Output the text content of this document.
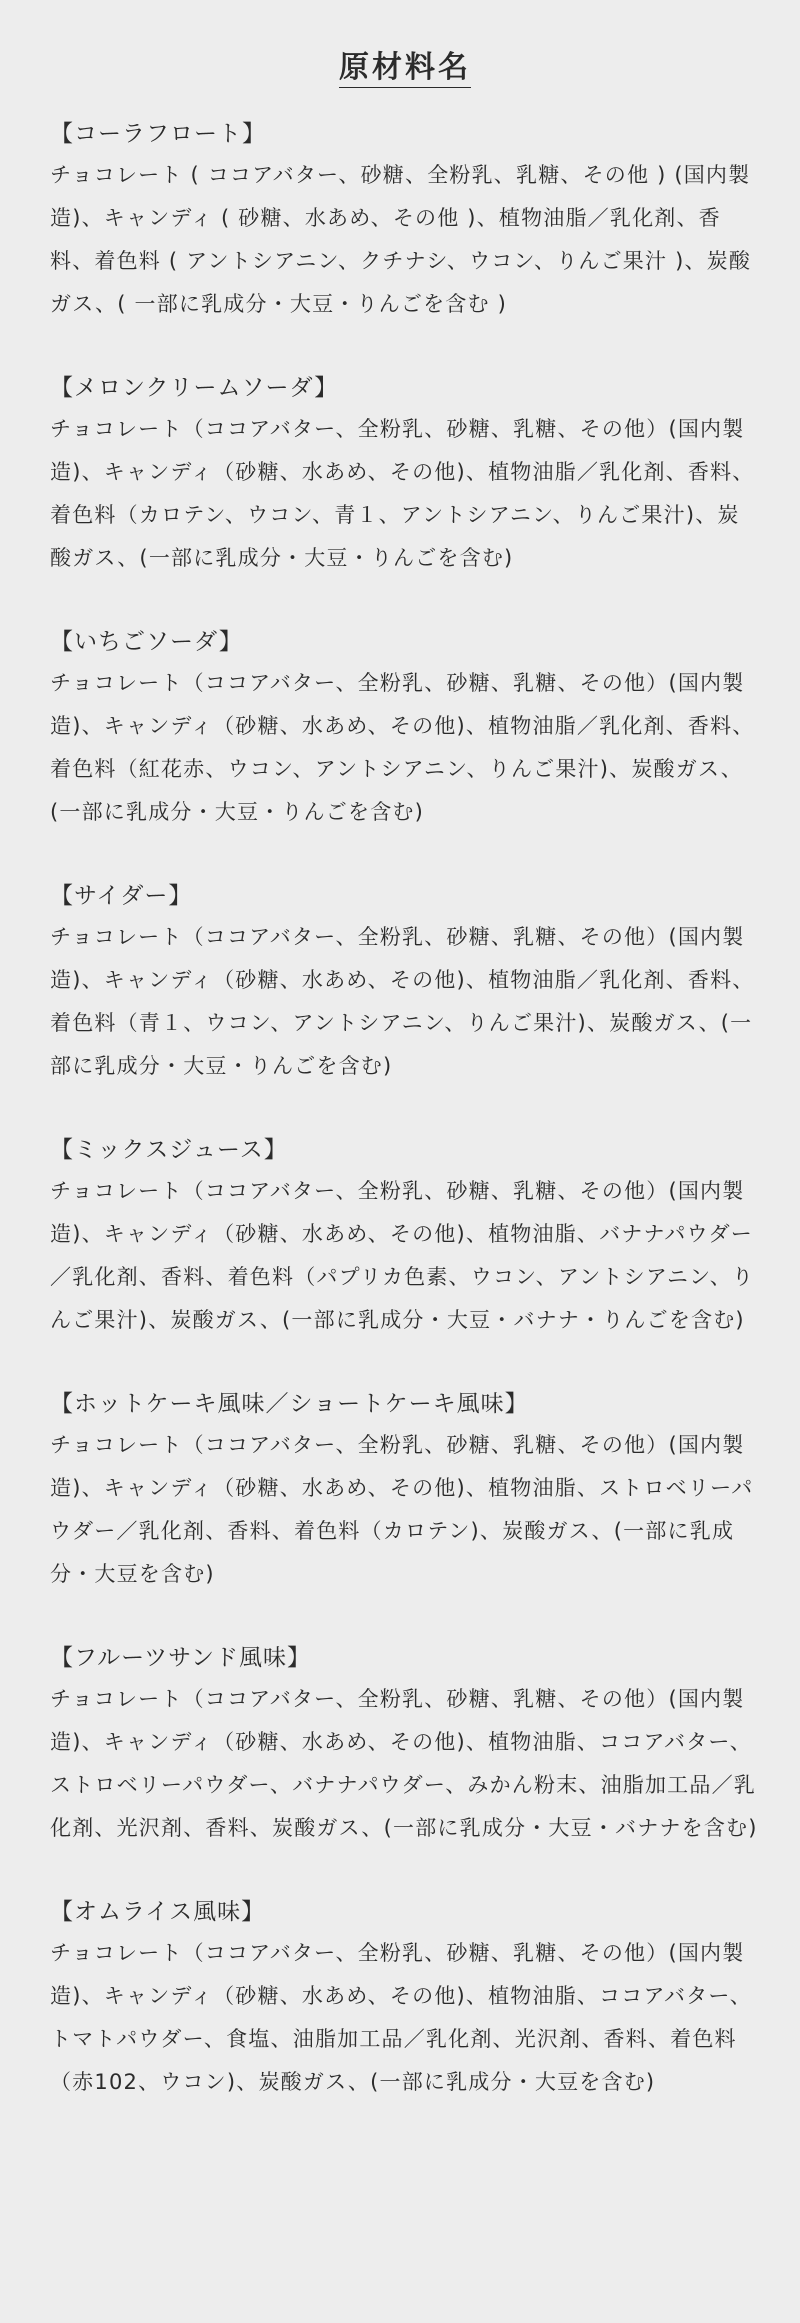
原材料名

【コーラフロート】

チョコレート ( ココアバター、砂糖、全粉乳、乳糖、その他 ) (国内製造)、キャンディ ( 砂糖、水あめ、その他 )、植物油脂／乳化剤、香料、着色料 ( アントシアニン、クチナシ、ウコン、りんご果汁 )、炭酸ガス、( 一部に乳成分・大豆・りんごを含む )

【メロンクリームソーダ】

チョコレート（ココアバター、全粉乳、砂糖、乳糖、その他）(国内製造)、キャンディ（砂糖、水あめ、その他)、植物油脂／乳化剤、香料、着色料（カロテン、ウコン、青１、アントシアニン、りんご果汁)、炭酸ガス、(一部に乳成分・大豆・りんごを含む)

【いちごソーダ】

チョコレート（ココアバター、全粉乳、砂糖、乳糖、その他）(国内製造)、キャンディ（砂糖、水あめ、その他)、植物油脂／乳化剤、香料、着色料（紅花赤、ウコン、アントシアニン、りんご果汁)、炭酸ガス、(一部に乳成分・大豆・りんごを含む)

【サイダー】

チョコレート（ココアバター、全粉乳、砂糖、乳糖、その他）(国内製造)、キャンディ（砂糖、水あめ、その他)、植物油脂／乳化剤、香料、着色料（青１、ウコン、アントシアニン、りんご果汁)、炭酸ガス、(一部に乳成分・大豆・りんごを含む)

【ミックスジュース】

チョコレート（ココアバター、全粉乳、砂糖、乳糖、その他）(国内製造)、キャンディ（砂糖、水あめ、その他)、植物油脂、バナナパウダー／乳化剤、香料、着色料（パプリカ色素、ウコン、アントシアニン、りんご果汁)、炭酸ガス、(一部に乳成分・大豆・バナナ・りんごを含む)

【ホットケーキ風味／ショートケーキ風味】

チョコレート（ココアバター、全粉乳、砂糖、乳糖、その他）(国内製造)、キャンディ（砂糖、水あめ、その他)、植物油脂、ストロベリーパウダー／乳化剤、香料、着色料（カロテン)、炭酸ガス、(一部に乳成分・大豆を含む)

【フルーツサンド風味】

チョコレート（ココアバター、全粉乳、砂糖、乳糖、その他）(国内製造)、キャンディ（砂糖、水あめ、その他)、植物油脂、ココアバター、ストロベリーパウダー、バナナパウダー、みかん粉末、油脂加工品／乳化剤、光沢剤、香料、炭酸ガス、(一部に乳成分・大豆・バナナを含む)

【オムライス風味】

チョコレート（ココアバター、全粉乳、砂糖、乳糖、その他）(国内製造)、キャンディ（砂糖、水あめ、その他)、植物油脂、ココアバター、トマトパウダー、食塩、油脂加工品／乳化剤、光沢剤、香料、着色料（赤102、ウコン)、炭酸ガス、(一部に乳成分・大豆を含む)
